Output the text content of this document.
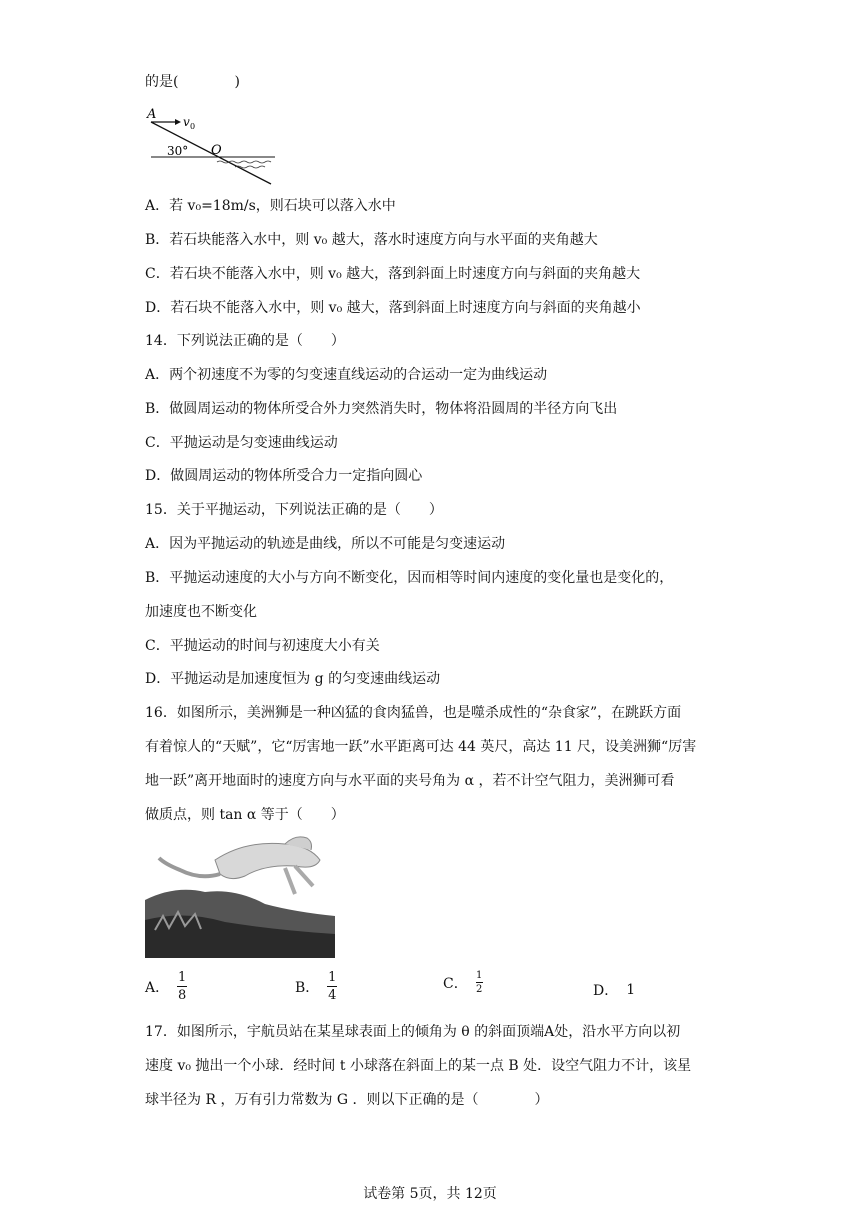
的是(　　　　)
A v 0
30° O
A．若 v₀=18m/s，则石块可以落入水中
B．若石块能落入水中，则 v₀ 越大，落水时速度方向与水平面的夹角越大
C．若石块不能落入水中，则 v₀ 越大，落到斜面上时速度方向与斜面的夹角越大
D．若石块不能落入水中，则 v₀ 越大，落到斜面上时速度方向与斜面的夹角越小
14．下列说法正确的是（　　）
A．两个初速度不为零的匀变速直线运动的合运动一定为曲线运动
B．做圆周运动的物体所受合外力突然消失时，物体将沿圆周的半径方向飞出
C．平抛运动是匀变速曲线运动
D．做圆周运动的物体所受合力一定指向圆心
15．关于平抛运动，下列说法正确的是（　　）
A．因为平抛运动的轨迹是曲线，所以不可能是匀变速运动
B．平抛运动速度的大小与方向不断变化，因而相等时间内速度的变化量也是变化的，
加速度也不断变化
C．平抛运动的时间与初速度大小有关
D．平抛运动是加速度恒为 g 的匀变速曲线运动
16．如图所示，美洲狮是一种凶猛的食肉猛兽，也是噬杀成性的“杂食家”，在跳跃方面
有着惊人的“天赋”，它“厉害地一跃”水平距离可达 44 英尺，高达 11 尺，设美洲狮“厉害
地一跃”离开地面时的速度方向与水平面的夹号角为 α ，若不计空气阻力，美洲狮可看
做质点，则 tan α 等于（　　）
A． $\frac{1}{8}$	B． $\frac{1}{4}$	C． $\frac{1}{2}$	D． 1
17．如图所示，宇航员站在某星球表面上的倾角为 θ 的斜面顶端A处，沿水平方向以初
速度 v₀ 抛出一个小球．经时间 t 小球落在斜面上的某一点 B 处．设空气阻力不计，该星
球半径为 R ，万有引力常数为 G ．则以下正确的是（　　　　）
试卷第 5页，共 12页
